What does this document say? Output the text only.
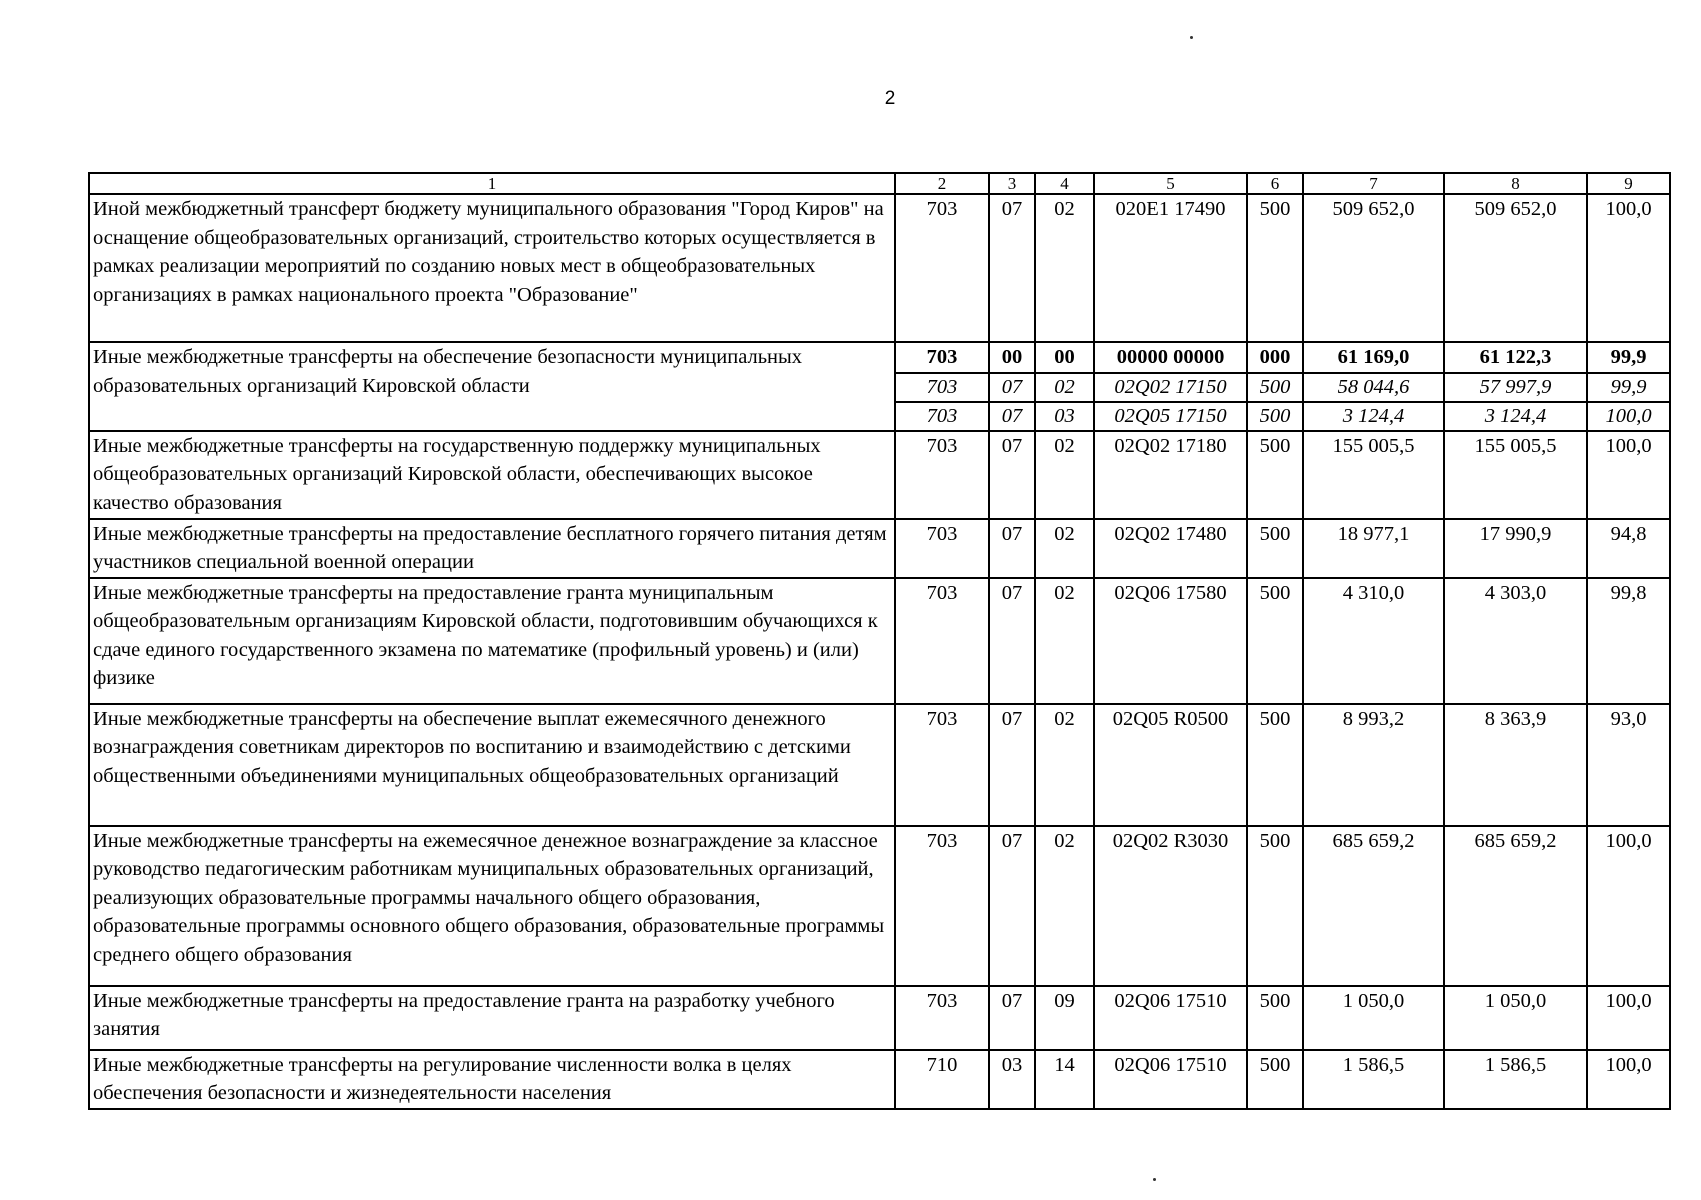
2
1	2	3	4	5	6	7	8	9
Иной межбюджетный трансферт бюджету муниципального образования "Город Киров" на оснащение общеобразовательных организаций, строительство которых осуществляется в рамках реализации мероприятий по созданию новых мест в общеобразовательных организациях в рамках национального проекта "Образование"	703	07	02	020E1 17490	500	509 652,0	509 652,0	100,0
Иные межбюджетные трансферты на обеспечение безопасности муниципальных образовательных организаций Кировской области	703	00	00	00000 00000	000	61 169,0	61 122,3	99,9
	703	07	02	02Q02 17150	500	58 044,6	57 997,9	99,9
	703	07	03	02Q05 17150	500	3 124,4	3 124,4	100,0
Иные межбюджетные трансферты на государственную поддержку муниципальных общеобразовательных организаций Кировской области, обеспечивающих высокое качество образования	703	07	02	02Q02 17180	500	155 005,5	155 005,5	100,0
Иные межбюджетные трансферты на предоставление бесплатного горячего питания детям участников специальной военной операции	703	07	02	02Q02 17480	500	18 977,1	17 990,9	94,8
Иные межбюджетные трансферты на предоставление гранта муниципальным общеобразовательным организациям Кировской области, подготовившим обучающихся к сдаче единого государственного экзамена по математике (профильный уровень) и (или) физике	703	07	02	02Q06 17580	500	4 310,0	4 303,0	99,8
Иные межбюджетные трансферты на обеспечение выплат ежемесячного денежного вознаграждения советникам директоров по воспитанию и взаимодействию с детскими общественными объединениями муниципальных общеобразовательных организаций	703	07	02	02Q05 R0500	500	8 993,2	8 363,9	93,0
Иные межбюджетные трансферты на ежемесячное денежное вознаграждение за классное руководство педагогическим работникам муниципальных образовательных организаций, реализующих образовательные программы начального общего образования, образовательные программы основного общего образования, образовательные программы среднего общего образования	703	07	02	02Q02 R3030	500	685 659,2	685 659,2	100,0
Иные межбюджетные трансферты на предоставление гранта на разработку учебного занятия	703	07	09	02Q06 17510	500	1 050,0	1 050,0	100,0
Иные межбюджетные трансферты на регулирование численности волка в целях обеспечения безопасности и жизнедеятельности населения	710	03	14	02Q06 17510	500	1 586,5	1 586,5	100,0
